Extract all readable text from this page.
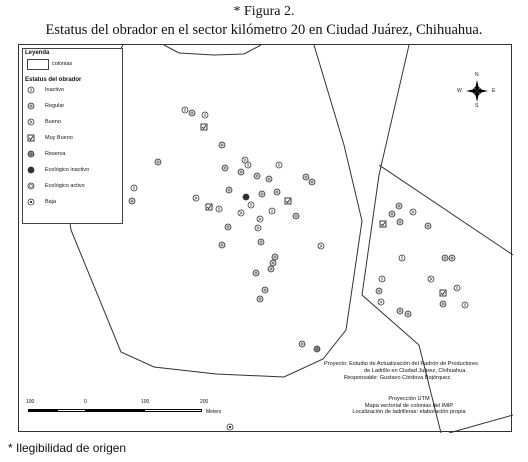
* Figura 2.
Estatus del obrador en el sector kilómetro 20 en Ciudad Juárez, Chihuahua.
Leyenda
colonias
Estatus del obrador
Inactivo
Regular
Bueno
Muy Bueno
Reserva
Ecológico inactivo
Ecológico activo
Baja
N
S
E
W
Proyecto: Estudio de Actualización del Padrón de Productores
de Ladrillo en Ciudad Juárez, Chihuahua.
Responsable: Gustavo Córdova Bojórquez.
Proyección UTM
Mapa vectorial de colonias del IMIP
Localización de ladrilleras: elaboración propia
100	0	100	200
Meters
* Ilegibilidad de origen
